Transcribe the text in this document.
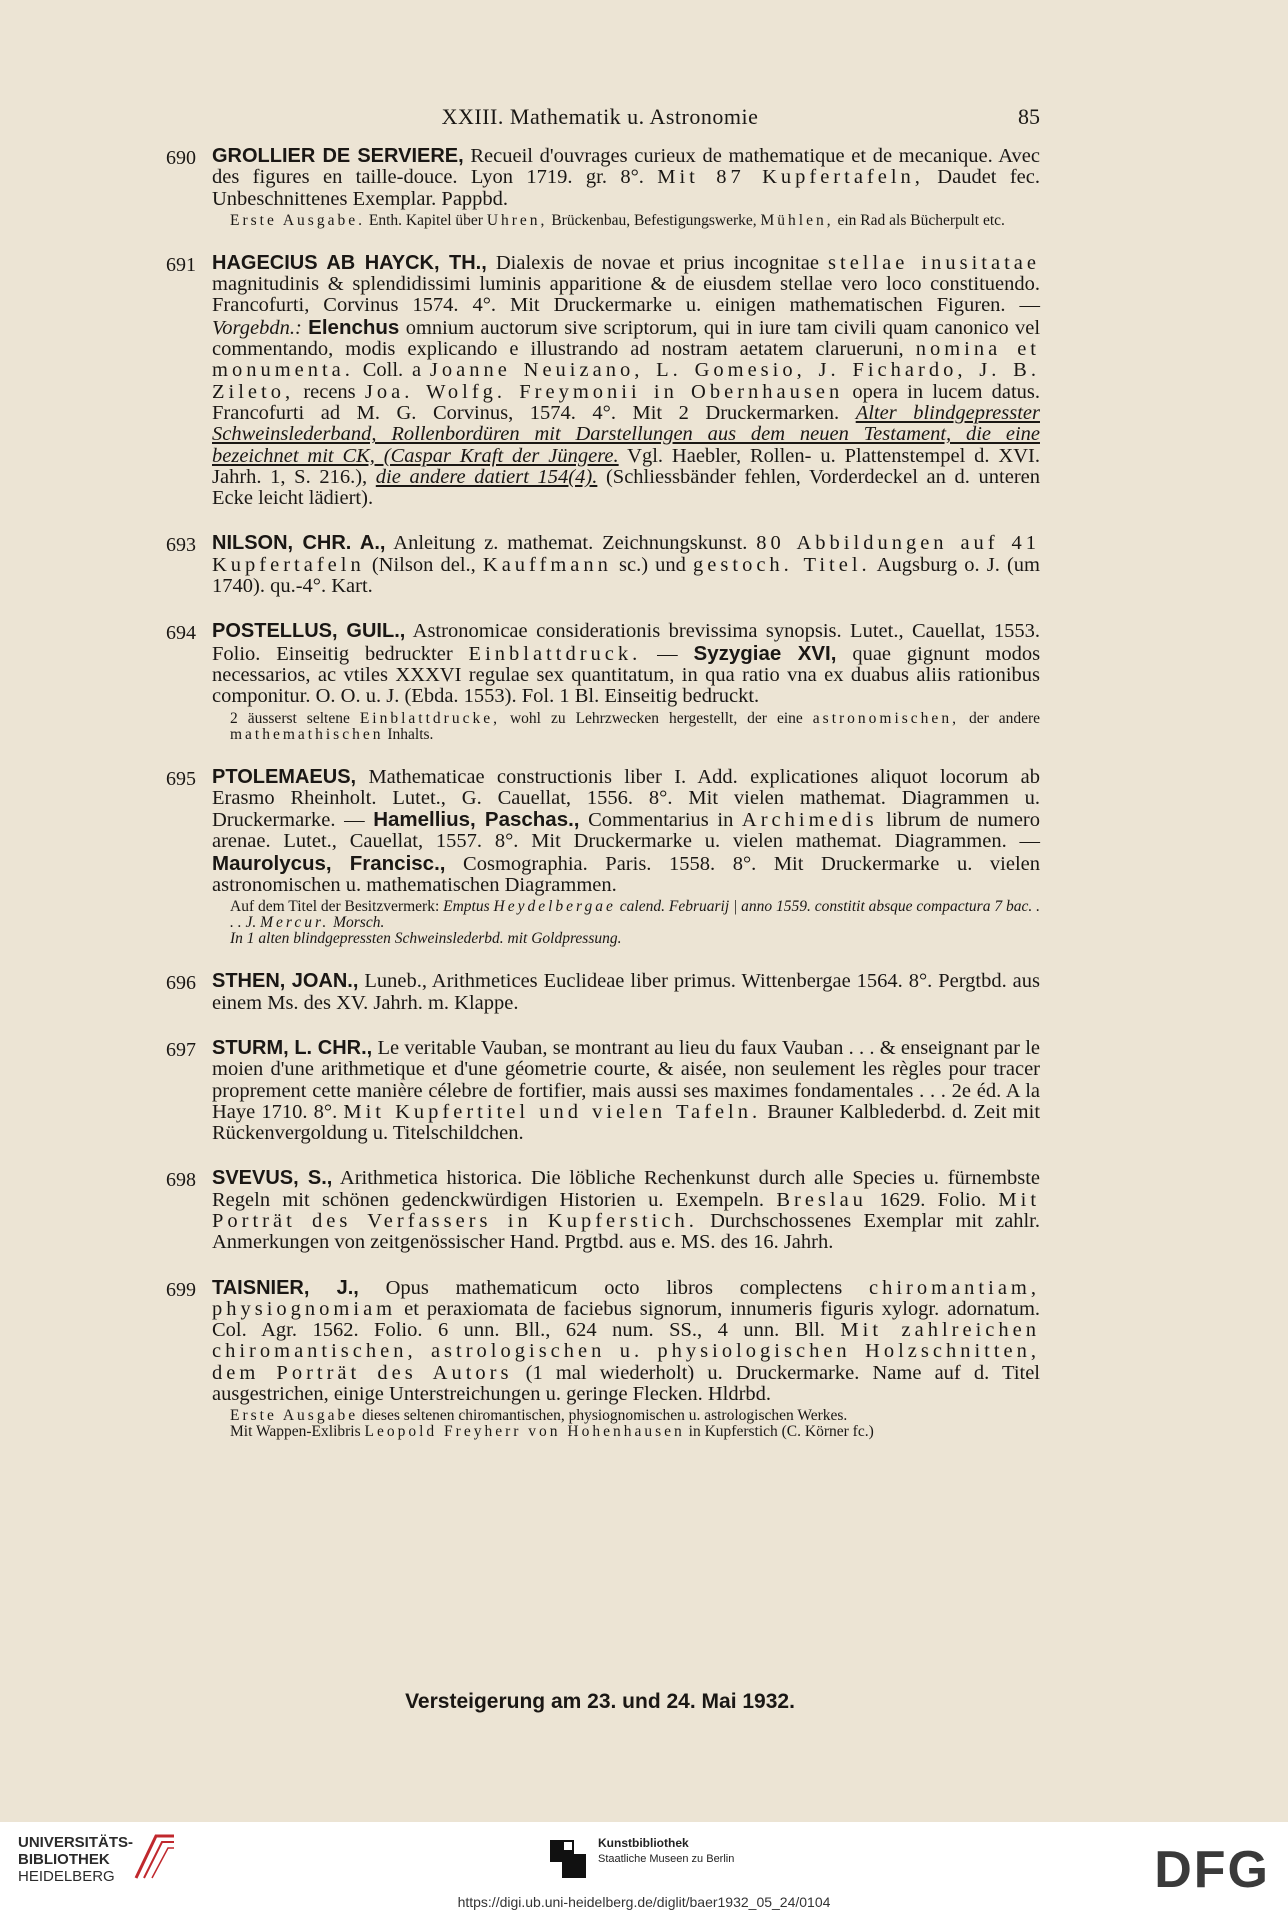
XXIII. Mathematik u. Astronomie	85
690 GROLLIER DE SERVIERE, Recueil d'ouvrages curieux de mathematique et de mecanique. Avec des figures en taille-douce. Lyon 1719. gr. 8°. Mit 87 Kupfertafeln, Daudet fec. Unbeschnittenes Exemplar. Pappbd.
Erste Ausgabe. Enth. Kapitel über Uhren, Brückenbau, Befestigungswerke, Mühlen, ein Rad als Bücherpult etc.
691 HAGECIUS AB HAYCK, TH., Dialexis de novae et prius incognitae stellae inusitatae magnitudinis & splendidissimi luminis apparitione & de eiusdem stellae vero loco constituendo. Francofurti, Corvinus 1574. 4°. Mit Druckermarke u. einigen mathematischen Figuren. — Vorgebdn.: Elenchus omnium auctorum sive scriptorum, qui in iure tam civili quam canonico vel commentando, modis explicando e illustrando ad nostram aetatem clarueruni, nomina et monumenta. Coll. a Joanne Neuizano, L. Gomesio, J. Fichardo, J. B. Zileto, recens Joa. Wolfg. Freymonii in Obernhausen opera in lucem datus. Francofurti ad M. G. Corvinus, 1574. 4°. Mit 2 Druckermarken. Alter blindgepresster Schweinslederband, Rollenbordüren mit Darstellungen aus dem neuen Testament, die eine bezeichnet mit CK, (Caspar Kraft der Jüngere. Vgl. Haebler, Rollen- u. Plattenstempel d. XVI. Jahrh. 1, S. 216.), die andere datiert 154(4). (Schliessbänder fehlen, Vorderdeckel an d. unteren Ecke leicht lädiert).
693 NILSON, CHR. A., Anleitung z. mathemat. Zeichnungskunst. 80 Abbildungen auf 41 Kupfertafeln (Nilson del., Kauffmann sc.) und gestoch. Titel. Augsburg o. J. (um 1740). qu.-4°. Kart.
694 POSTELLUS, GUIL., Astronomicae considerationis brevissima synopsis. Lutet., Cauellat, 1553. Folio. Einseitig bedruckter Einblattdruck. — Syzygiae XVI, quae gignunt modos necessarios, ac vtiles XXXVI regulae sex quantitatum, in qua ratio vna ex duabus aliis rationibus componitur. O. O. u. J. (Ebda. 1553). Fol. 1 Bl. Einseitig bedruckt.
2 äusserst seltene Einblattdrucke, wohl zu Lehrzwecken hergestellt, der eine astronomischen, der andere mathemathischen Inhalts.
695 PTOLEMAEUS, Mathematicae constructionis liber I. Add. explicationes aliquot locorum ab Erasmo Rheinholt. Lutet., G. Cauellat, 1556. 8°. Mit vielen mathemat. Diagrammen u. Druckermarke. — Hamellius, Paschas., Commentarius in Archimedis librum de numero arenae. Lutet., Cauellat, 1557. 8°. Mit Druckermarke u. vielen mathemat. Diagrammen. — Maurolycus, Francisc., Cosmographia. Paris. 1558. 8°. Mit Druckermarke u. vielen astronomischen u. mathematischen Diagrammen.
Auf dem Titel der Besitzvermerk: Emptus Heydelbergae calend. Februarij | anno 1559. constitit absque compactura 7 bac. . . . J. Mercur. Morsch.
In 1 alten blindgepressten Schweinslederbd. mit Goldpressung.
696 STHEN, JOAN., Luneb., Arithmetices Euclideae liber primus. Wittenbergae 1564. 8°. Pergtbd. aus einem Ms. des XV. Jahrh. m. Klappe.
697 STURM, L. CHR., Le veritable Vauban, se montrant au lieu du faux Vauban . . . & enseignant par le moien d'une arithmetique et d'une géometrie courte, & aisée, non seulement les règles pour tracer proprement cette manière célebre de fortifier, mais aussi ses maximes fondamentales . . . 2e éd. A la Haye 1710. 8°. Mit Kupfertitel und vielen Tafeln. Brauner Kalblederbd. d. Zeit mit Rückenvergoldung u. Titelschildchen.
698 SVEVUS, S., Arithmetica historica. Die löbliche Rechenkunst durch alle Species u. fürnembste Regeln mit schönen gedenckwürdigen Historien u. Exempeln. Breslau 1629. Folio. Mit Porträt des Verfassers in Kupferstich. Durchschossenes Exemplar mit zahlr. Anmerkungen von zeitgenössischer Hand. Prgtbd. aus e. MS. des 16. Jahrh.
699 TAISNIER, J., Opus mathematicum octo libros complectens chiromantiam, physiognomiam et peraxiomata de faciebus signorum, innumeris figuris xylogr. adornatum. Col. Agr. 1562. Folio. 6 unn. Bll., 624 num. SS., 4 unn. Bll. Mit zahlreichen chiromantischen, astrologischen u. physiologischen Holzschnitten, dem Porträt des Autors (1 mal wiederholt) u. Druckermarke. Name auf d. Titel ausgestrichen, einige Unterstreichungen u. geringe Flecken. Hldrbd.
Erste Ausgabe dieses seltenen chiromantischen, physiognomischen u. astrologischen Werkes.
Mit Wappen-Exlibris Leopold Freyherr von Hohenhausen in Kupferstich (C. Körner fc.)
Versteigerung am 23. und 24. Mai 1932.
UNIVERSITÄTS-
BIBLIOTHEK
HEIDELBERG
Kunstbibliothek
Staatliche Museen zu Berlin	DFG
https://digi.ub.uni-heidelberg.de/diglit/baer1932_05_24/0104
